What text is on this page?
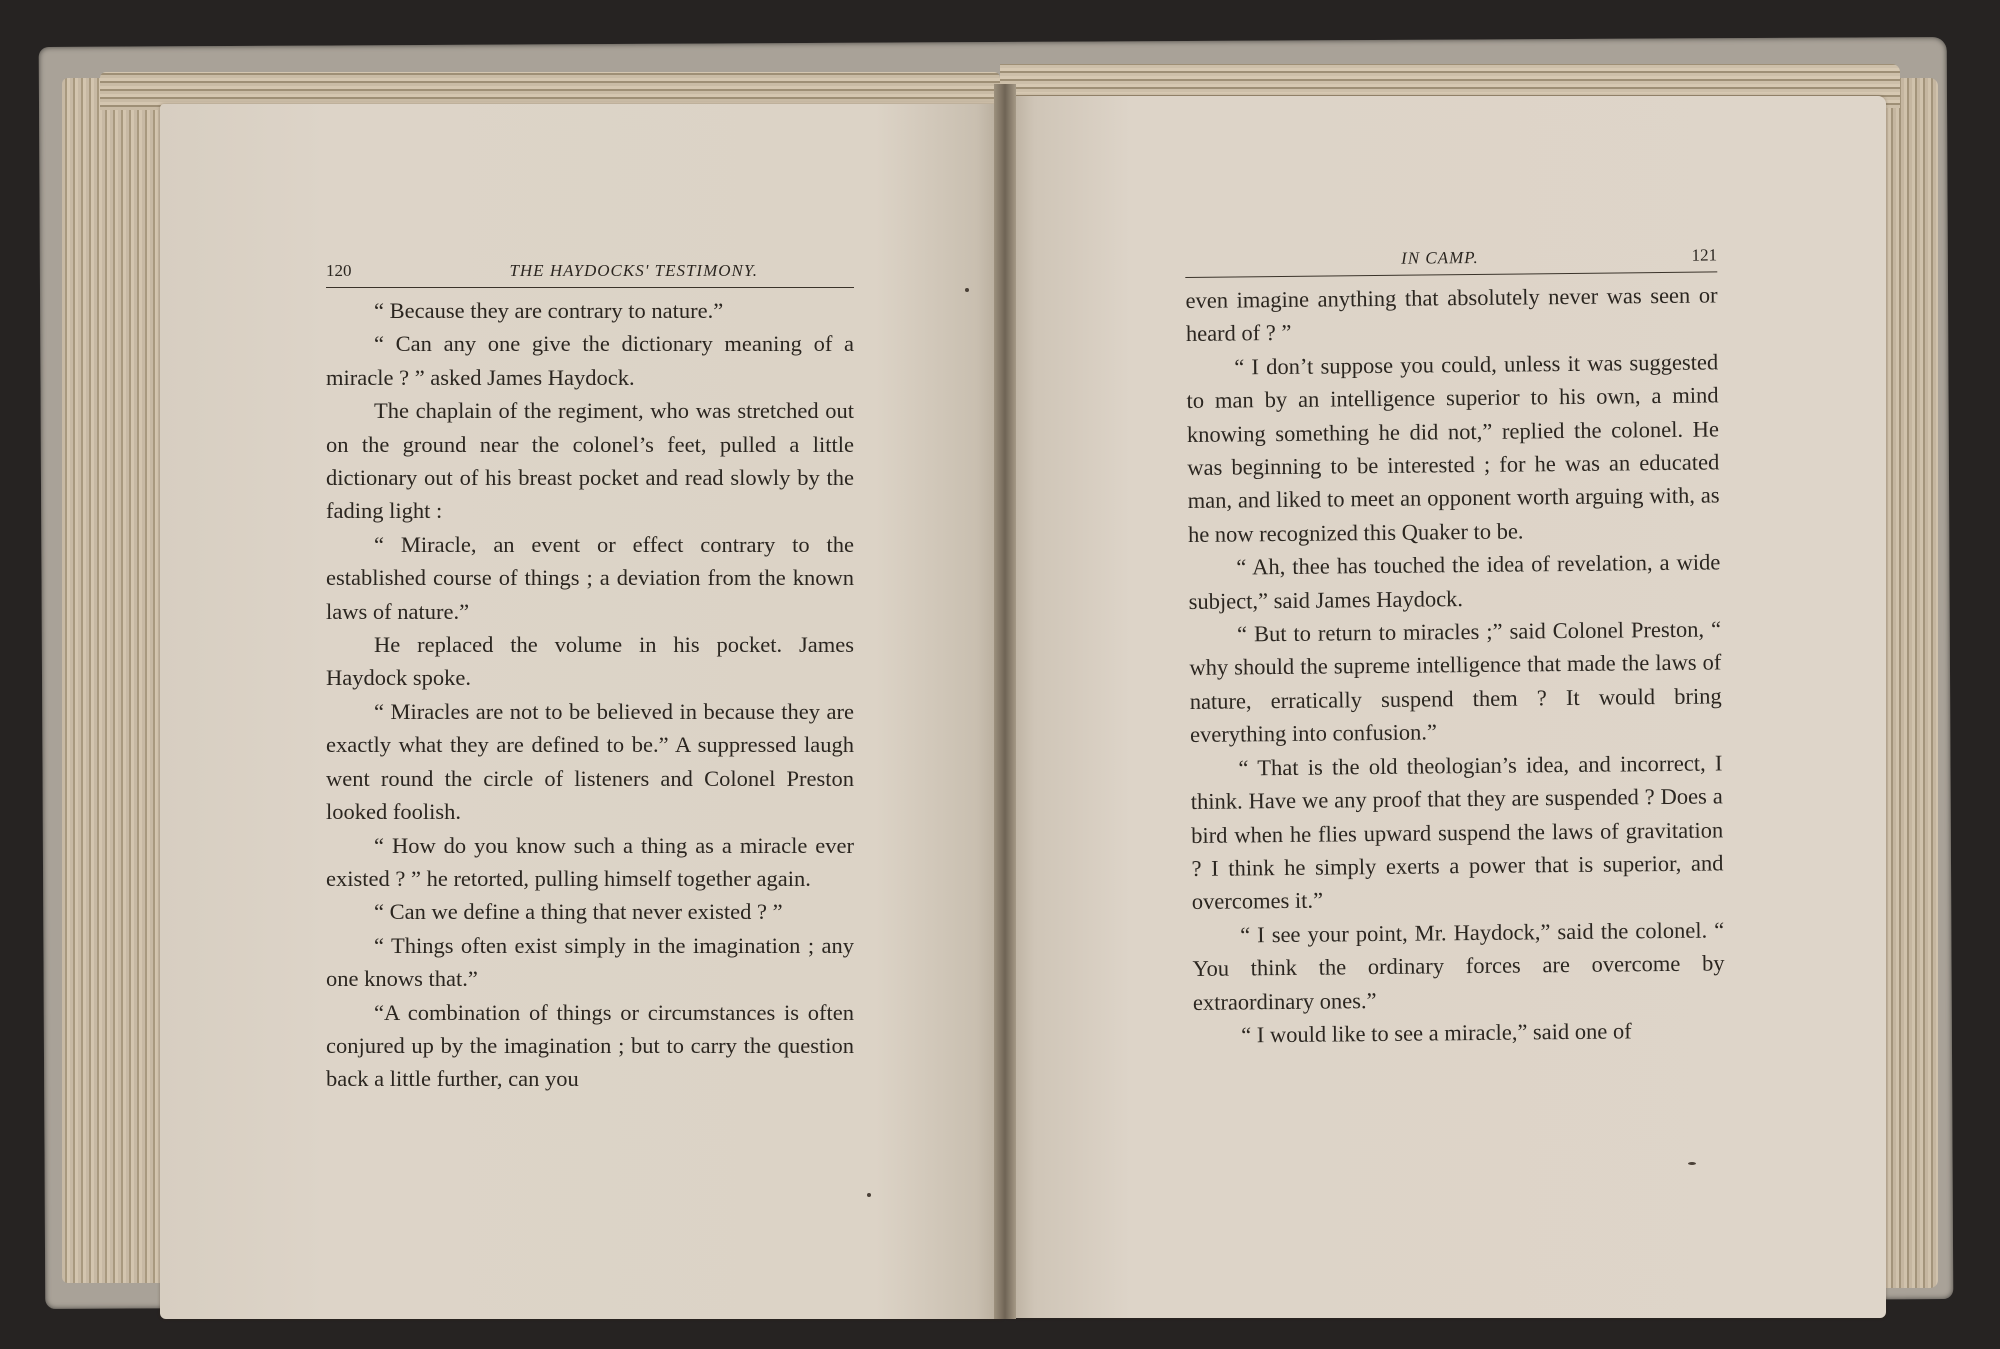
120	THE HAYDOCKS' TESTIMONY.

“ Because they are contrary to nature.”

“ Can any one give the dictionary meaning of a miracle ? ” asked James Haydock.

The chaplain of the regiment, who was stretched out on the ground near the colonel’s feet, pulled a little dictionary out of his breast pocket and read slowly by the fading light :

“ Miracle, an event or effect contrary to the established course of things ; a deviation from the known laws of nature.”

He replaced the volume in his pocket. James Haydock spoke.

“ Miracles are not to be believed in because they are exactly what they are defined to be.” A suppressed laugh went round the circle of listeners and Colonel Preston looked foolish.

“ How do you know such a thing as a miracle ever existed ? ” he retorted, pulling himself together again.

“ Can we define a thing that never existed ? ”

“ Things often exist simply in the imagination ; any one knows that.”

“A combination of things or circumstances is often conjured up by the imagination ; but to carry the question back a little further, can you

IN CAMP.	121

even imagine anything that absolutely never was seen or heard of ? ”

“ I don’t suppose you could, unless it was suggested to man by an intelligence superior to his own, a mind knowing something he did not,” replied the colonel. He was beginning to be interested ; for he was an educated man, and liked to meet an opponent worth arguing with, as he now recognized this Quaker to be.

“ Ah, thee has touched the idea of revelation, a wide subject,” said James Haydock.

“ But to return to miracles ;” said Colonel Preston, “ why should the supreme intelligence that made the laws of nature, erratically suspend them ? It would bring everything into confusion.”

“ That is the old theologian’s idea, and incorrect, I think. Have we any proof that they are suspended ? Does a bird when he flies upward suspend the laws of gravitation ? I think he simply exerts a power that is superior, and overcomes it.”

“ I see your point, Mr. Haydock,” said the colonel. “ You think the ordinary forces are overcome by extraordinary ones.”

“ I would like to see a miracle,” said one of
